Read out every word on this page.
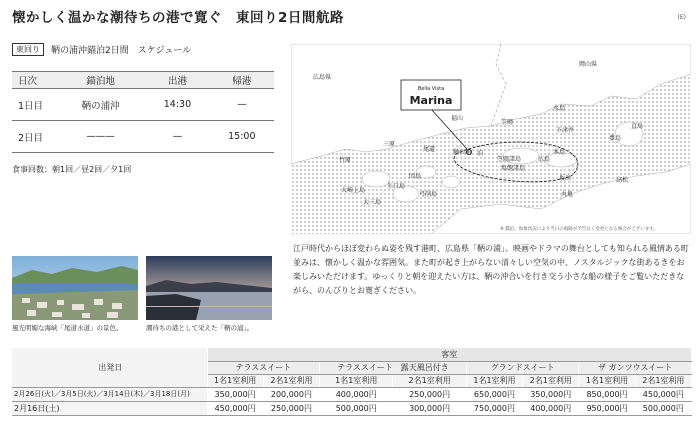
懐かしく温かな潮待ちの港で寛ぐ　東回り2日間航路	(E)
東回り	鞆の浦沖錨泊2日間　スケジュール
日次	錨泊地	出港	帰港
1日目	鞆の浦沖	14:30	—
2日目	———	—	15:00
食事回数：朝1回／昼2回／夕1回
Bella Vista
Marina
広島県
岡山県
水島
福山
笠岡
下津井
直島
豊島
三原
尾道	鞆の浦 泊
笠岡諸島
塩飽諸島
広島
本島
竹原
大崎上島
大三島
因島
生口島
弓削島
坂出
丸亀
高松
※ 錨泊。海象状況により当日の航路が予告なく変更となる場合がございます。
江戸時代からほぼ変わらぬ姿を残す港町、広島県「鞆の浦」。映画やドラマの舞台としても知られる風情ある町並みは、懐かしく温かな雰囲気。また町が起き上がらない清々しい空気の中、ノスタルジックな街あるきをお楽しみいただけます。ゆっくりと朝を迎えたい方は、鞆の沖合いを行き交う小さな船の様子をご覧いただきながら、のんびりとお寛ぎください。
風光明媚な海峡「尾道水道」の景色。	潮待ちの港として栄えた「鞆の浦」。
出発日	客室							
	テラススイート		テラススイート　露天風呂付き		グランドスイート		ザ ガンツウスイート	
	1名1室利用	2名1室利用	1名1室利用	2名1室利用	1名1室利用	2名1室利用	1名1室利用	2名1室利用
2月26日(火)／3月5日(火)／3月14日(木)／3月18日(月)	350,000円	200,000円	400,000円	250,000円	650,000円	350,000円	850,000円	450,000円
2月16日(土)	450,000円	250,000円	500,000円	300,000円	750,000円	400,000円	950,000円	500,000円
